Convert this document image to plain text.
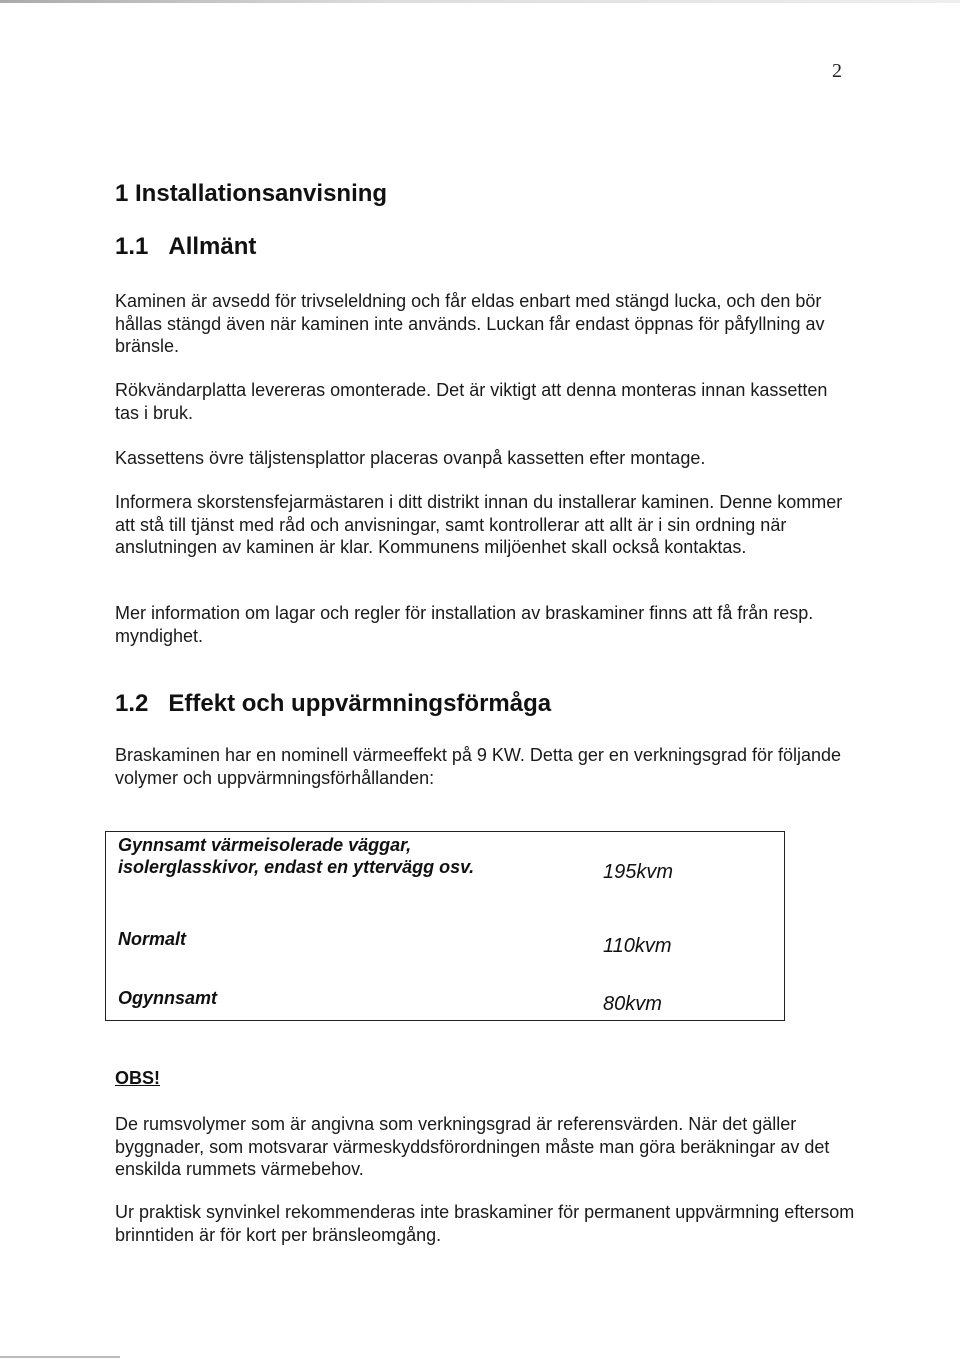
2
1 Installationsanvisning
1.1 Allmänt

Kaminen är avsedd för trivseleldning och får eldas enbart med stängd lucka, och den bör hållas stängd även när kaminen inte används. Luckan får endast öppnas för påfyllning av bränsle.

Rökvändarplatta levereras omonterade. Det är viktigt att denna monteras innan kassetten tas i bruk.

Kassettens övre täljstensplattor placeras ovanpå kassetten efter montage.

Informera skorstensfejarmästaren i ditt distrikt innan du installerar kaminen. Denne kommer att stå till tjänst med råd och anvisningar, samt kontrollerar att allt är i sin ordning när anslutningen av kaminen är klar. Kommunens miljöenhet skall också kontaktas.

Mer information om lagar och regler för installation av braskaminer finns att få från resp. myndighet.

1.2 Effekt och uppvärmningsförmåga

Braskaminen har en nominell värmeeffekt på 9 KW. Detta ger en verkningsgrad för följande volymer och uppvärmningsförhållanden:

Gynnsamt värmeisolerade väggar, isolerglasskivor, endast en yttervägg osv.	195kvm
Normalt	110kvm
Ogynnsamt	80kvm

OBS!

De rumsvolymer som är angivna som verkningsgrad är referensvärden. När det gäller byggnader, som motsvarar värmeskyddsförordningen måste man göra beräkningar av det enskilda rummets värmebehov.

Ur praktisk synvinkel rekommenderas inte braskaminer för permanent uppvärmning eftersom brinntiden är för kort per bränsleomgång.
